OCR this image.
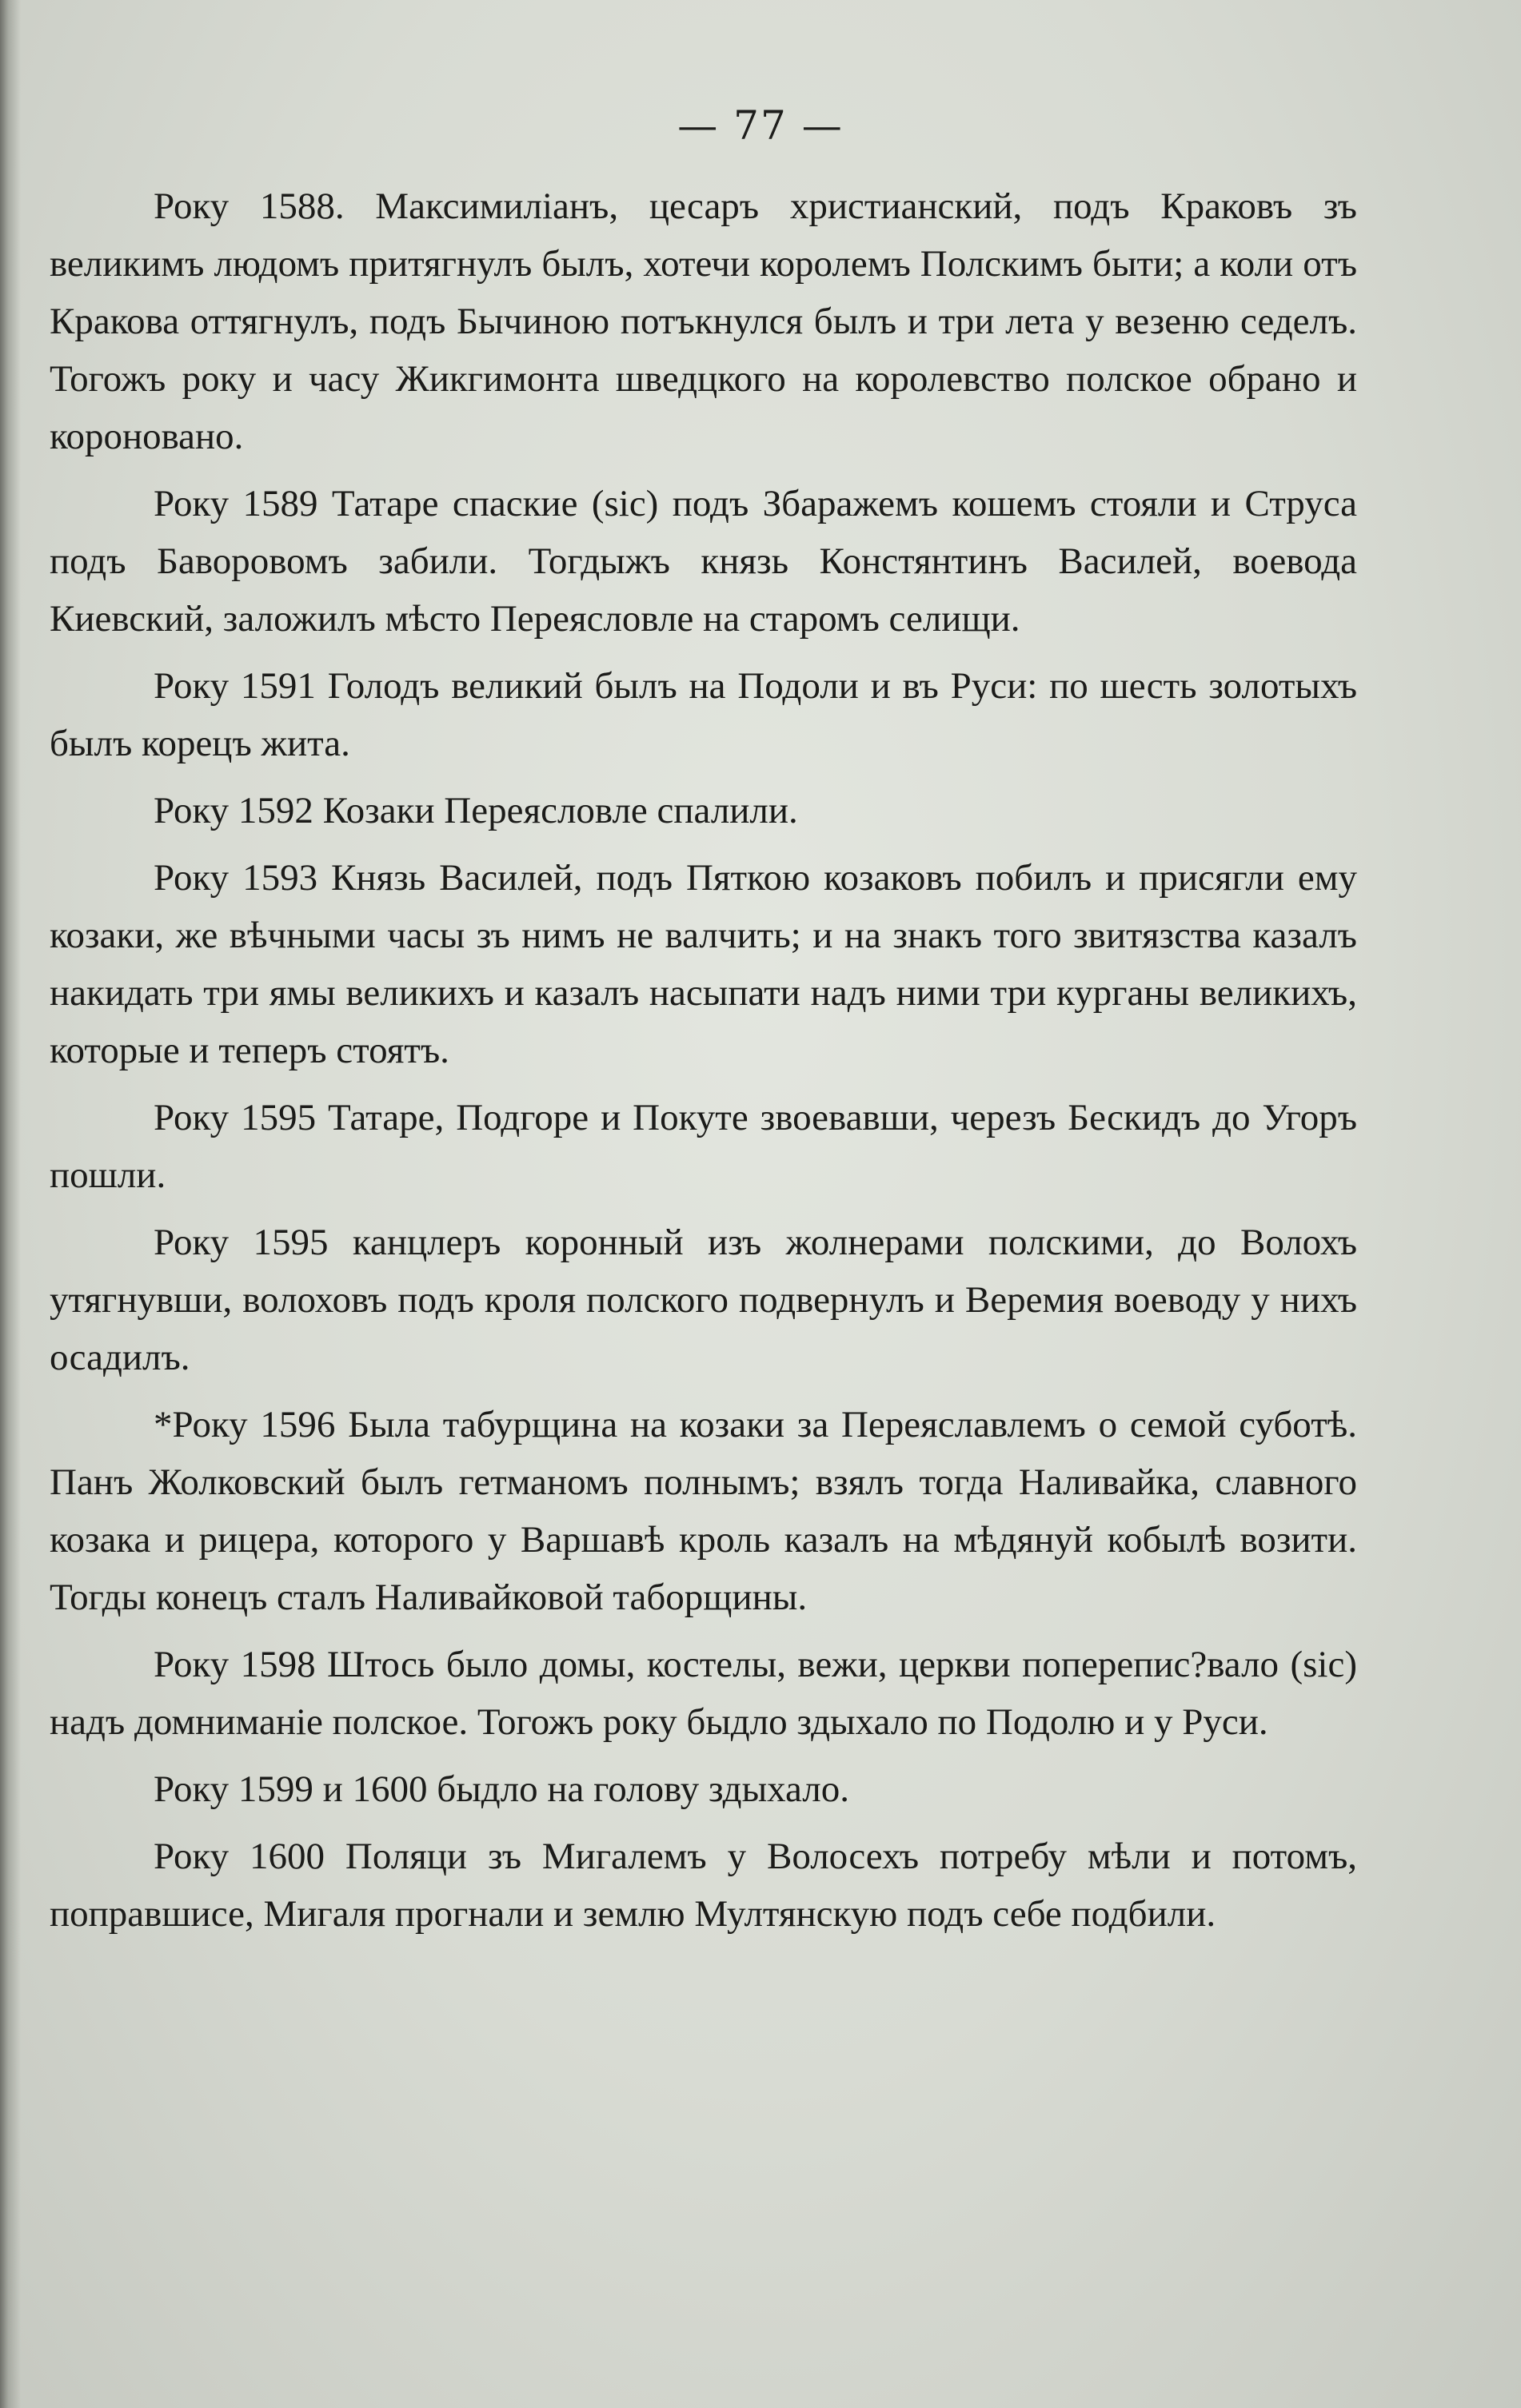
— 77 —

Року 1588. Максимиліанъ, цесаръ христианский, подъ Краковъ зъ великимъ людомъ притягнулъ былъ, хотечи королемъ Полскимъ быти; а коли отъ Кракова оттягнулъ, подъ Бычиною потъкнулся былъ и три лета у везеню седелъ. Тогожъ року и часу Жикгимонта шведцкого на королевство полское обрано и короновано.

Року 1589 Татаре спаские (sic) подъ Збаражемъ кошемъ стояли и Струса подъ Баворовомъ забили. Тогдыжъ князь Констянтинъ Василей, воевода Киевский, заложилъ мѣсто Переясловле на старомъ селищи.

Року 1591 Голодъ великий былъ на Подоли и въ Руси: по шесть золотыхъ былъ корецъ жита.

Року 1592 Козаки Переясловле спалили.

Року 1593 Князь Василей, подъ Пяткою козаковъ побилъ и присягли ему козаки, же вѣчными часы зъ нимъ не валчить; и на знакъ того звитязства казалъ накидать три ямы великихъ и казалъ насыпати надъ ними три курганы великихъ, которые и теперъ стоятъ.

Року 1595 Татаре, Подгоре и Покуте звоевавши, черезъ Бескидъ до Угоръ пошли.

Року 1595 канцлеръ коронный изъ жолнерами полскими, до Волохъ утягнувши, волоховъ подъ кроля полского подвернулъ и Веремия воеводу у нихъ осадилъ.

*Року 1596 Была табурщина на козаки за Переяславлемъ о семой суботѣ. Панъ Жолковский былъ гетманомъ полнымъ; взялъ тогда Наливайка, славного козака и рицера, которого у Варшавѣ кроль казалъ на мѣдянуй кобылѣ возити. Тогды конецъ сталъ Наливайковой таборщины.

Року 1598 Штось было домы, костелы, вежи, церкви поперепис?вало (sic) надъ домниманіе полское. Тогожъ року быдло здыхало по Подолю и у Руси.

Року 1599 и 1600 быдло на голову здыхало.

Року 1600 Поляци зъ Мигалемъ у Волосехъ потребу мѣли и потомъ, поправшисе, Мигаля прогнали и землю Мултянскую подъ себе подбили.
